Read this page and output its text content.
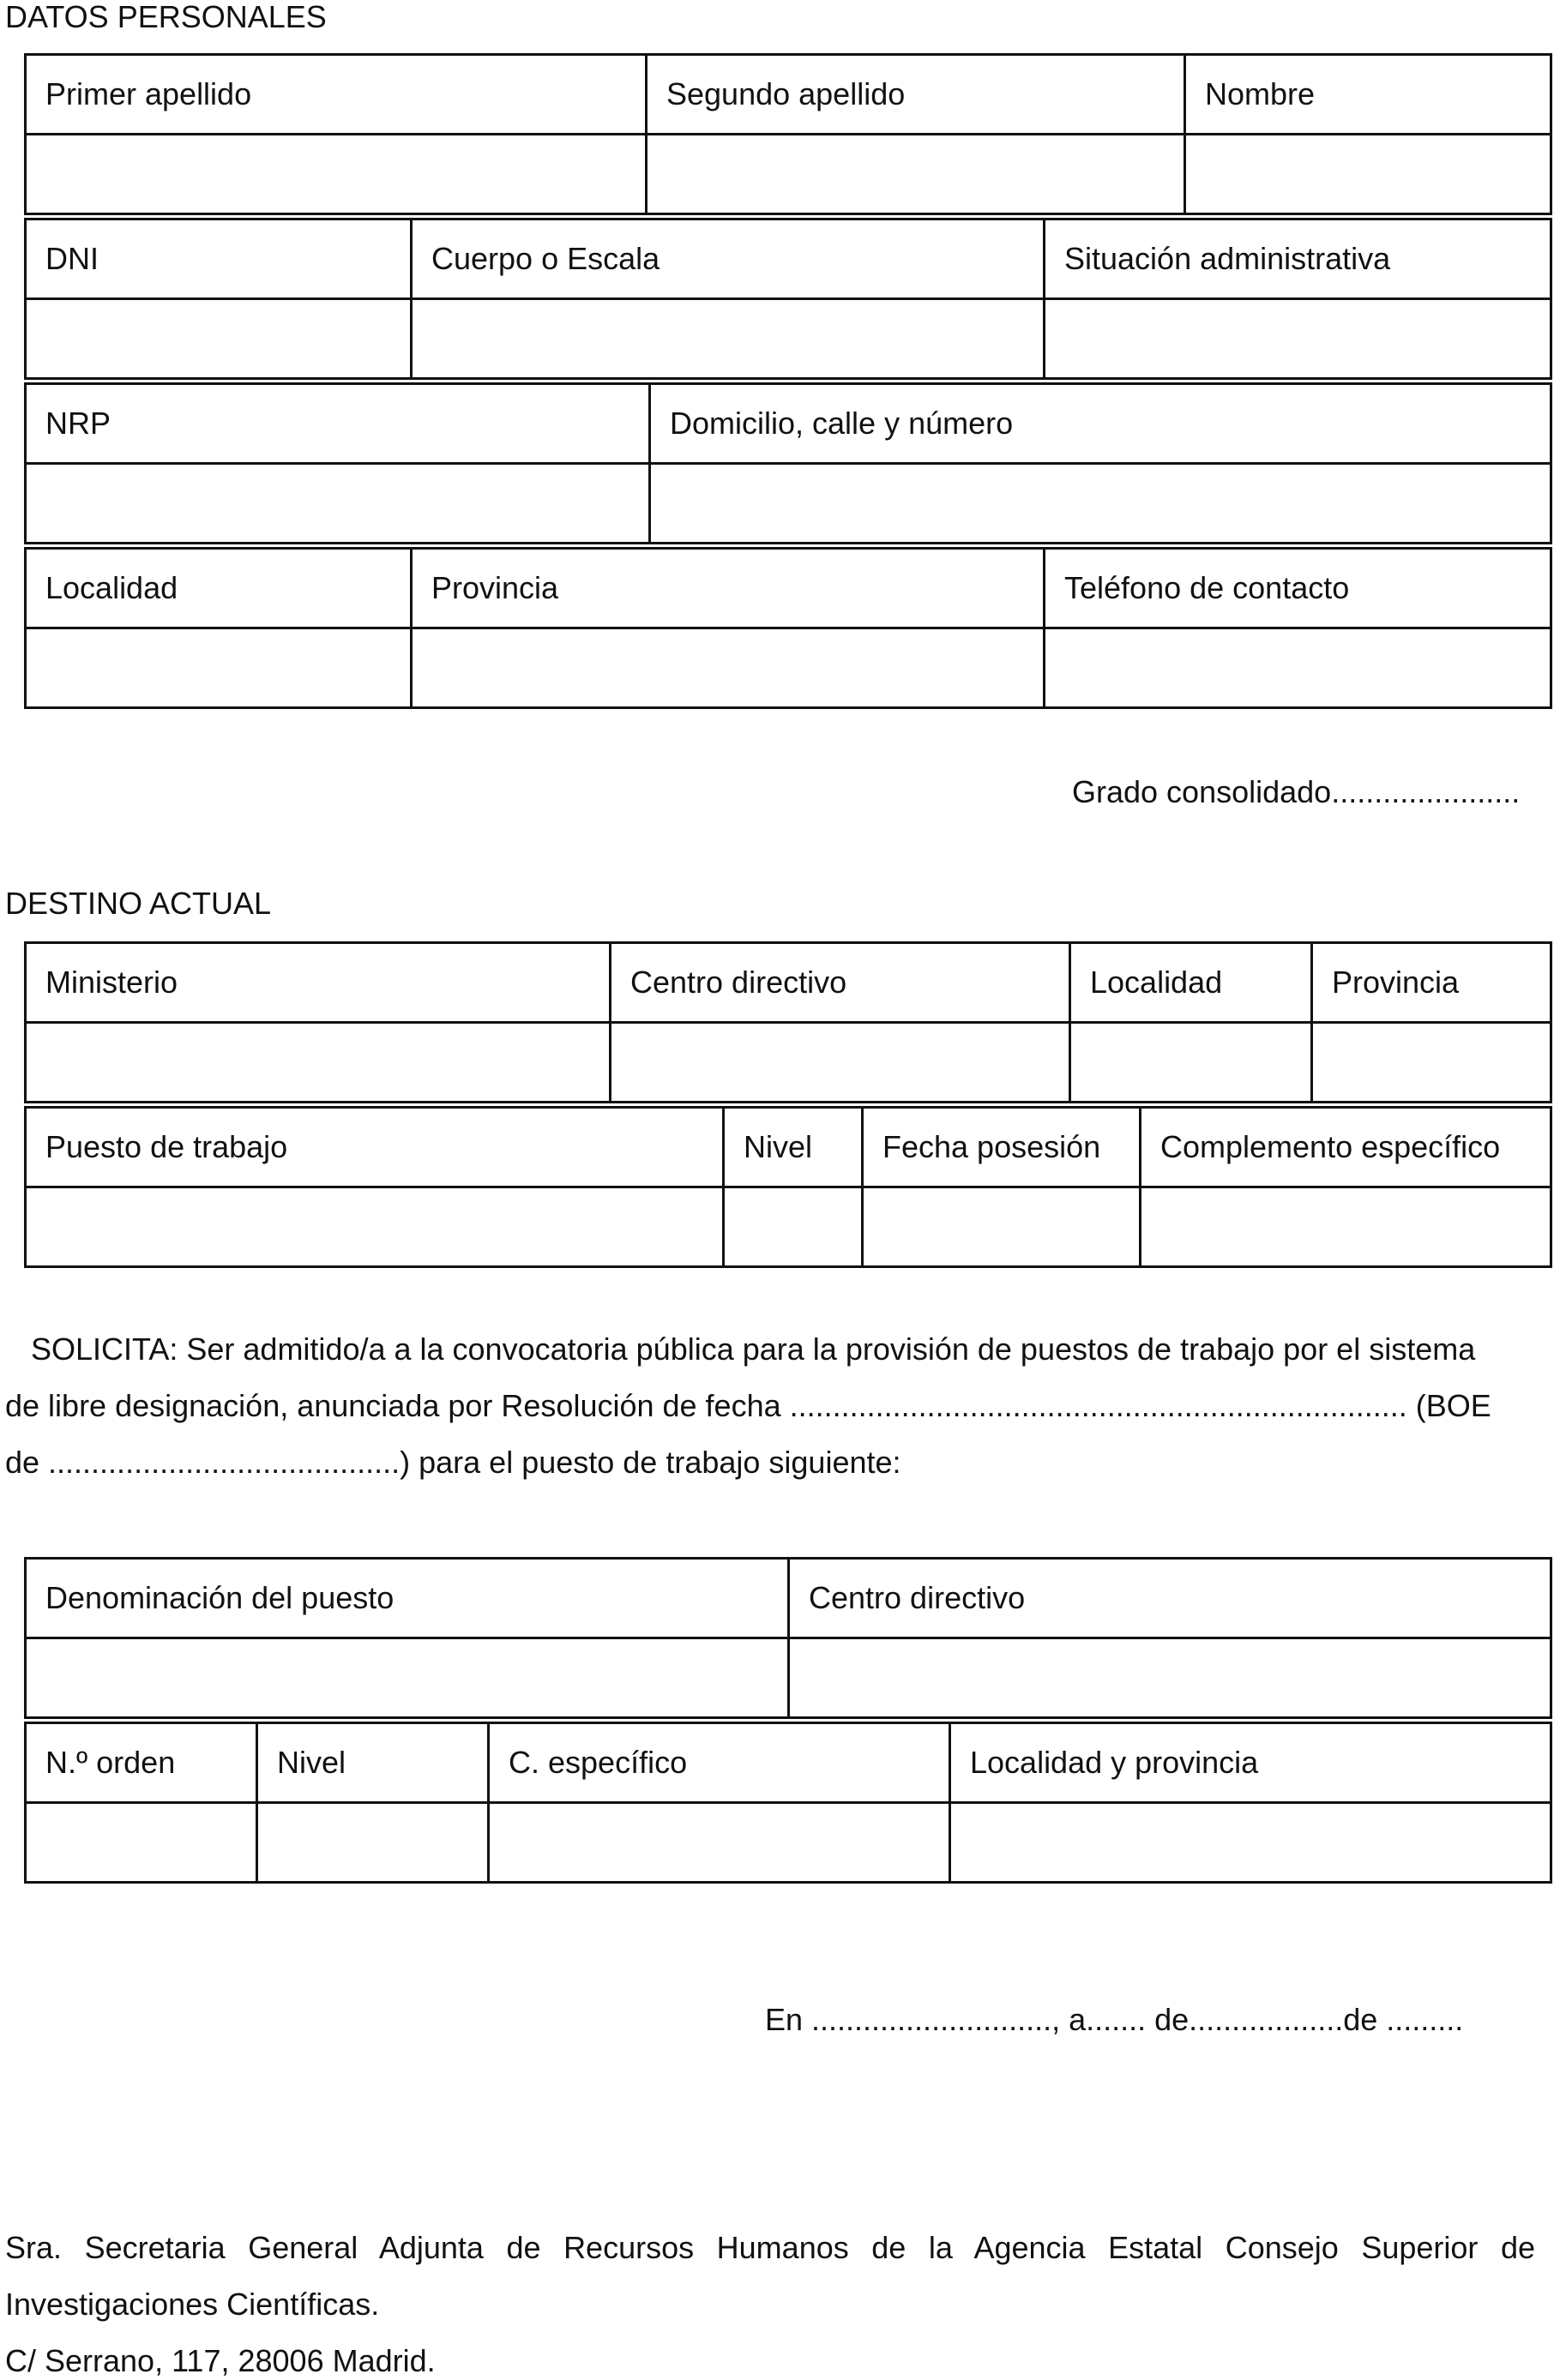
DATOS PERSONALES
Primer apellido	Segundo apellido	Nombre

DNI	Cuerpo o Escala	Situación administrativa

NRP	Domicilio, calle y número

Localidad	Provincia	Teléfono de contacto

Grado consolidado......................
DESTINO ACTUAL
Ministerio	Centro directivo	Localidad	Provincia

Puesto de trabajo	Nivel	Fecha posesión	Complemento específico

SOLICITA: Ser admitido/a a la convocatoria pública para la provisión de puestos de trabajo por el sistema
de libre designación, anunciada por Resolución de fecha ........................................................................ (BOE
de .........................................) para el puesto de trabajo siguiente:
Denominación del puesto	Centro directivo

N.º orden	Nivel	C. específico	Localidad y provincia

En ............................, a....... de..................de .........
Sra. Secretaria General Adjunta de Recursos Humanos de la Agencia Estatal Consejo Superior de
Investigaciones Científicas.
C/ Serrano, 117, 28006 Madrid.
